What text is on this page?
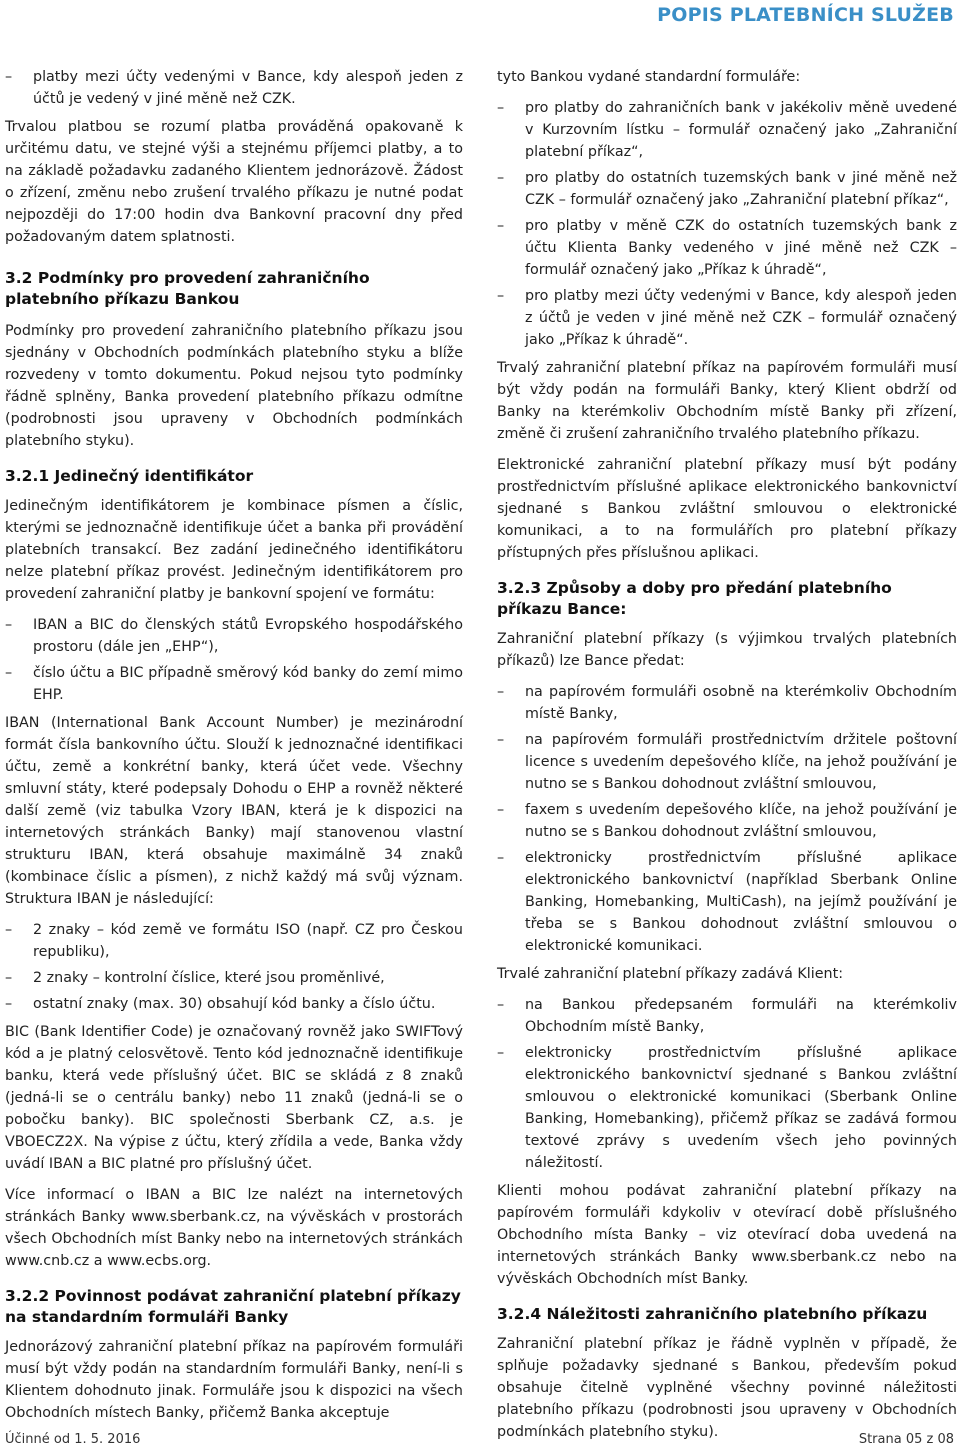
POPIS PLATEBNÍCH SLUŽEB
– platby mezi účty vedenými v Bance, kdy alespoň jeden z účtů je vedený v jiné měně než CZK.

Trvalou platbou se rozumí platba prováděná opakovaně k určitému datu, ve stejné výši a stejnému příjemci platby, a to na základě požadavku zadaného Klientem jednorázově. Žádost o zřízení, změnu nebo zrušení trvalého příkazu je nutné podat nejpozději do 17:00 hodin dva Bankovní pracovní dny před požadovaným datem splatnosti.

3.2 Podmínky pro provedení zahraničního platebního příkazu Bankou

Podmínky pro provedení zahraničního platebního příkazu jsou sjednány v Obchodních podmínkách platebního styku a blíže rozvedeny v tomto dokumentu. Pokud nejsou tyto podmínky řádně splněny, Banka provedení platebního příkazu odmítne (podrobnosti jsou upraveny v Obchodních podmínkách platebního styku).

3.2.1 Jedinečný identifikátor

Jedinečným identifikátorem je kombinace písmen a číslic, kterými se jednoznačně identifikuje účet a banka při provádění platebních transakcí. Bez zadání jedinečného identifikátoru nelze platební příkaz provést. Jedinečným identifikátorem pro provedení zahraniční platby je bankovní spojení ve formátu:

– IBAN a BIC do členských států Evropského hospodářského prostoru (dále jen „EHP“),
– číslo účtu a BIC případně směrový kód banky do zemí mimo EHP.

IBAN (International Bank Account Number) je mezinárodní formát čísla bankovního účtu. Slouží k jednoznačné identifikaci účtu, země a konkrétní banky, která účet vede. Všechny smluvní státy, které podepsaly Dohodu o EHP a rovněž některé další země (viz tabulka Vzory IBAN, která je k dispozici na internetových stránkách Banky) mají stanovenou vlastní strukturu IBAN, která obsahuje maximálně 34 znaků (kombinace číslic a písmen), z nichž každý má svůj význam. Struktura IBAN je následující:

– 2 znaky – kód země ve formátu ISO (např. CZ pro Českou republiku),
– 2 znaky – kontrolní číslice, které jsou proměnlivé,
– ostatní znaky (max. 30) obsahují kód banky a číslo účtu.

BIC (Bank Identifier Code) je označovaný rovněž jako SWIFTový kód a je platný celosvětově. Tento kód jednoznačně identifikuje banku, která vede příslušný účet. BIC se skládá z 8 znaků (jedná-li se o centrálu banky) nebo 11 znaků (jedná-li se o pobočku banky). BIC společnosti Sberbank CZ, a.s. je VBOECZ2X. Na výpise z účtu, který zřídila a vede, Banka vždy uvádí IBAN a BIC platné pro příslušný účet.

Více informací o IBAN a BIC lze nalézt na internetových stránkách Banky www.sberbank.cz, na vývěskách v prostorách všech Obchodních míst Banky nebo na internetových stránkách www.cnb.cz a www.ecbs.org.

3.2.2 Povinnost podávat zahraniční platební příkazy na standardním formuláři Banky

Jednorázový zahraniční platební příkaz na papírovém formuláři musí být vždy podán na standardním formuláři Banky, není-li s Klientem dohodnuto jinak. Formuláře jsou k dispozici na všech Obchodních místech Banky, přičemž Banka akceptuje

tyto Bankou vydané standardní formuláře:

– pro platby do zahraničních bank v jakékoliv měně uvedené v Kurzovním lístku – formulář označený jako „Zahraniční platební příkaz“,
– pro platby do ostatních tuzemských bank v jiné měně než CZK – formulář označený jako „Zahraniční platební příkaz“,
– pro platby v měně CZK do ostatních tuzemských bank z účtu Klienta Banky vedeného v jiné měně než CZK – formulář označený jako „Příkaz k úhradě“,
– pro platby mezi účty vedenými v Bance, kdy alespoň jeden z účtů je veden v jiné měně než CZK – formulář označený jako „Příkaz k úhradě“.

Trvalý zahraniční platební příkaz na papírovém formuláři musí být vždy podán na formuláři Banky, který Klient obdrží od Banky na kterémkoliv Obchodním místě Banky při zřízení, změně či zrušení zahraničního trvalého platebního příkazu.

Elektronické zahraniční platební příkazy musí být podány prostřednictvím příslušné aplikace elektronického bankovnictví sjednané s Bankou zvláštní smlouvou o elektronické komunikaci, a to na formulářích pro platební příkazy přístupných přes příslušnou aplikaci.

3.2.3 Způsoby a doby pro předání platebního příkazu Bance:

Zahraniční platební příkazy (s výjimkou trvalých platebních příkazů) lze Bance předat:

– na papírovém formuláři osobně na kterémkoliv Obchodním místě Banky,
– na papírovém formuláři prostřednictvím držitele poštovní licence s uvedením depešového klíče, na jehož používání je nutno se s Bankou dohodnout zvláštní smlouvou,
– faxem s uvedením depešového klíče, na jehož používání je nutno se s Bankou dohodnout zvláštní smlouvou,
– elektronicky prostřednictvím příslušné aplikace elektronického bankovnictví (například Sberbank Online Banking, Homebanking, MultiCash), na jejímž používání je třeba se s Bankou dohodnout zvláštní smlouvou o elektronické komunikaci.

Trvalé zahraniční platební příkazy zadává Klient:

– na Bankou předepsaném formuláři na kterémkoliv Obchodním místě Banky,
– elektronicky prostřednictvím příslušné aplikace elektronického bankovnictví sjednané s Bankou zvláštní smlouvou o elektronické komunikaci (Sberbank Online Banking, Homebanking), přičemž příkaz se zadává formou textové zprávy s uvedením všech jeho povinných náležitostí.

Klienti mohou podávat zahraniční platební příkazy na papírovém formuláři kdykoliv v otevírací době příslušného Obchodního místa Banky – viz otevírací doba uvedená na internetových stránkách Banky www.sberbank.cz nebo na vývěskách Obchodních míst Banky.

3.2.4 Náležitosti zahraničního platebního příkazu

Zahraniční platební příkaz je řádně vyplněn v případě, že splňuje požadavky sjednané s Bankou, především pokud obsahuje čitelně vyplněné všechny povinné náležitosti platebního příkazu (podrobnosti jsou upraveny v Obchodních podmínkách platebního styku).

Účinné od 1. 5. 2016	Strana 05 z 08
